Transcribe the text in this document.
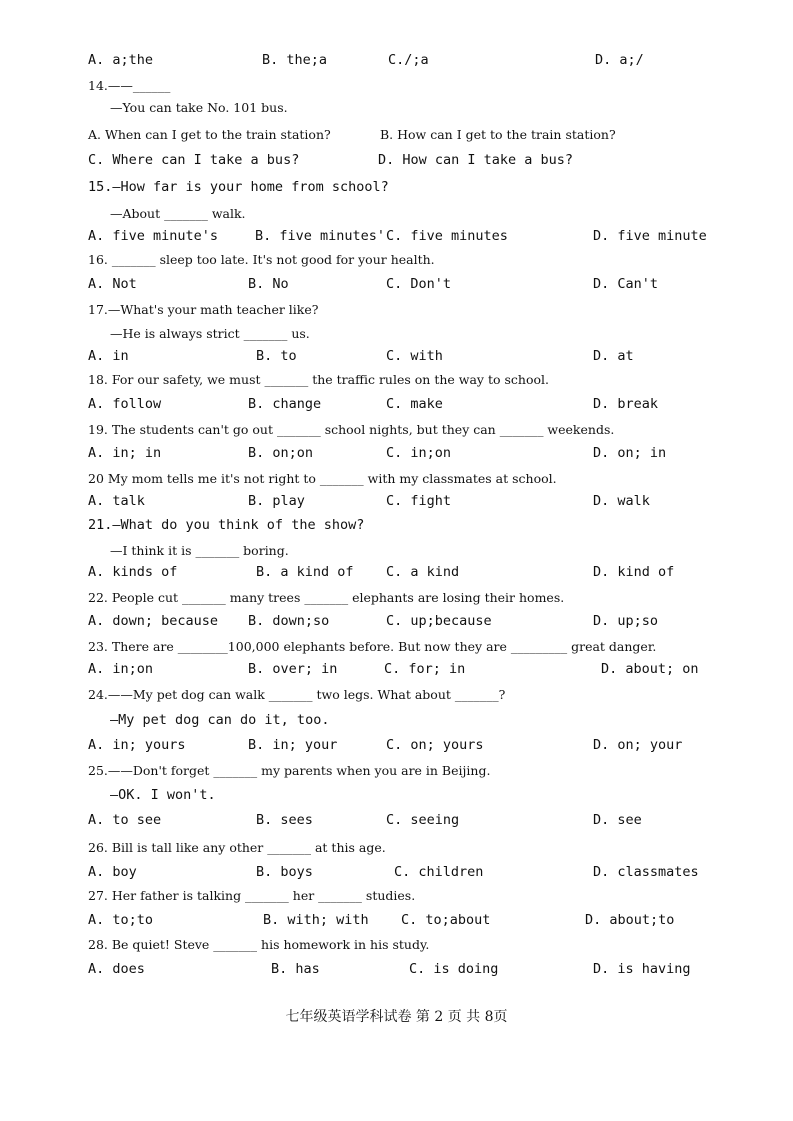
A. a;the	B. the;a	C./;a	D. a;/
14.——______
—You can take No. 101 bus.
A. When can I get to the train station?	B. How can I get to the train station?
C. Where can I take a bus?	D. How can I take a bus?
15.—How far is your home from school?
—About _______ walk.
A. five minute's	B. five minutes' C. five minutes	D. five minute
16. _______ sleep too late. It's not good for your health.
A. Not	B. No	C. Don't	D. Can't
17.—What's your math teacher like?
—He is always strict _______ us.
A. in	B. to	C. with	D. at
18. For our safety, we must _______ the traffic rules on the way to school.
A. follow	B. change	C. make	D. break
19. The students can't go out _______ school nights, but they can _______ weekends.
A. in; in	B. on;on	C. in;on	D. on; in
20 My mom tells me it's not right to _______ with my classmates at school.
A. talk	B. play	C. fight	D. walk
21.—What do you think of the show?
—I think it is _______ boring.
A. kinds of	B. a kind of C. a kind	D. kind of
22. People cut _______ many trees _______ elephants are losing their homes.
A. down; because B. down;so	C. up;because	D. up;so
23. There are ________100,000 elephants before. But now they are _________ great danger.
A. in;on	B. over; in	C. for; in	D. about; on
24.——My pet dog can walk _______ two legs. What about _______?
—My pet dog can do it, too.
A. in; yours	B. in; your	C. on; yours	D. on; your
25.——Don't forget _______ my parents when you are in Beijing.
—OK. I won't.
A. to see	B. sees	C. seeing	D. see
26. Bill is tall like any other _______ at this age.
A. boy	B. boys	C. children	D. classmates
27. Her father is talking _______ her _______ studies.
A. to;to	B. with; with C. to;about	D. about;to
28. Be quiet! Steve _______ his homework in his study.
A. does	B. has	C. is doing	D. is having
七年级英语学科试卷 第 2 页 共 8页
